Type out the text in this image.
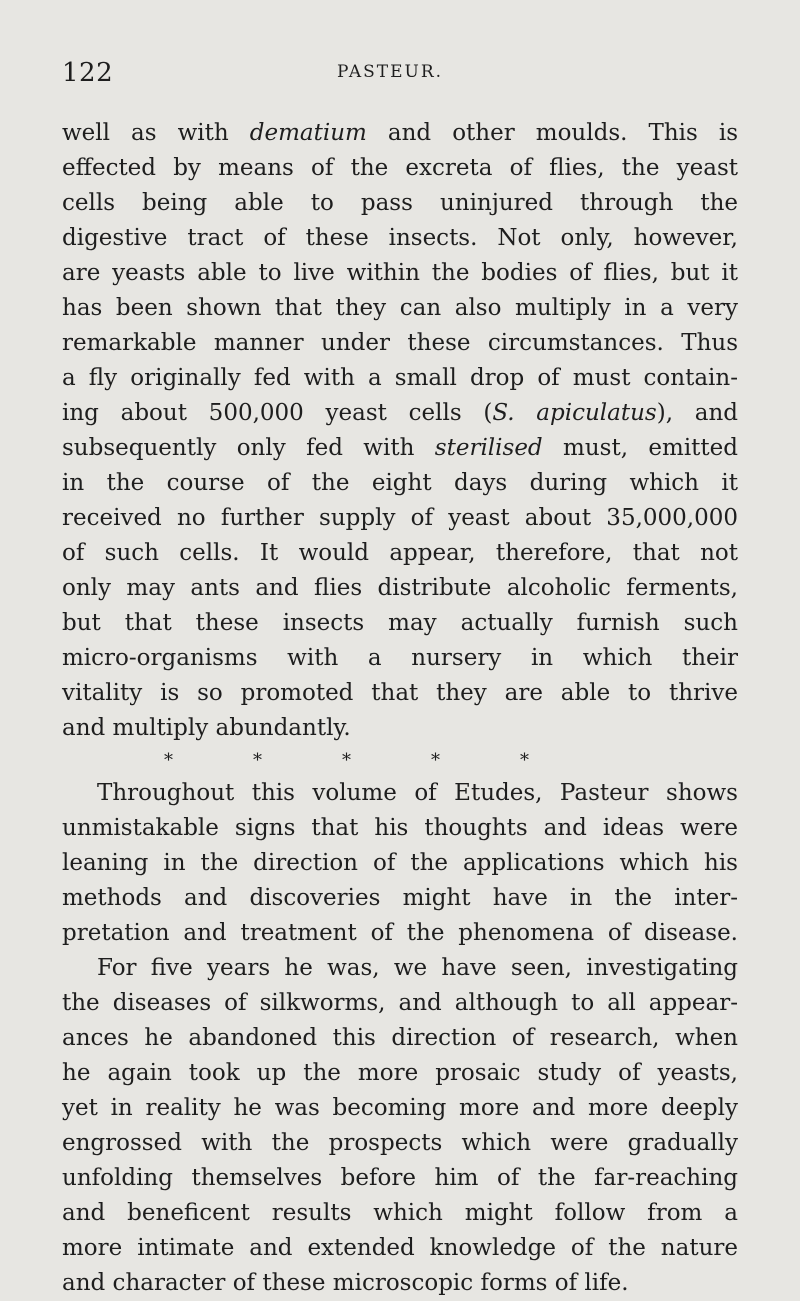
122	PASTEUR.
well as with dematium and other moulds. This is
effected by means of the excreta of flies, the yeast
cells being able to pass uninjured through the
digestive tract of these insects. Not only, however,
are yeasts able to live within the bodies of flies, but it
has been shown that they can also multiply in a very
remarkable manner under these circumstances. Thus
a fly originally fed with a small drop of must contain-
ing about 500,000 yeast cells (S. apiculatus), and
subsequently only fed with sterilised must, emitted
in the course of the eight days during which it
received no further supply of yeast about 35,000,000
of such cells. It would appear, therefore, that not
only may ants and flies distribute alcoholic ferments,
but that these insects may actually furnish such
micro-organisms with a nursery in which their
vitality is so promoted that they are able to thrive
and multiply abundantly.
*	*	*	*	*
Throughout this volume of Etudes, Pasteur shows
unmistakable signs that his thoughts and ideas were
leaning in the direction of the applications which his
methods and discoveries might have in the inter-
pretation and treatment of the phenomena of disease.
For five years he was, we have seen, investigating
the diseases of silkworms, and although to all appear-
ances he abandoned this direction of research, when
he again took up the more prosaic study of yeasts,
yet in reality he was becoming more and more deeply
engrossed with the prospects which were gradually
unfolding themselves before him of the far-reaching
and beneficent results which might follow from a
more intimate and extended knowledge of the nature
and character of these microscopic forms of life.
